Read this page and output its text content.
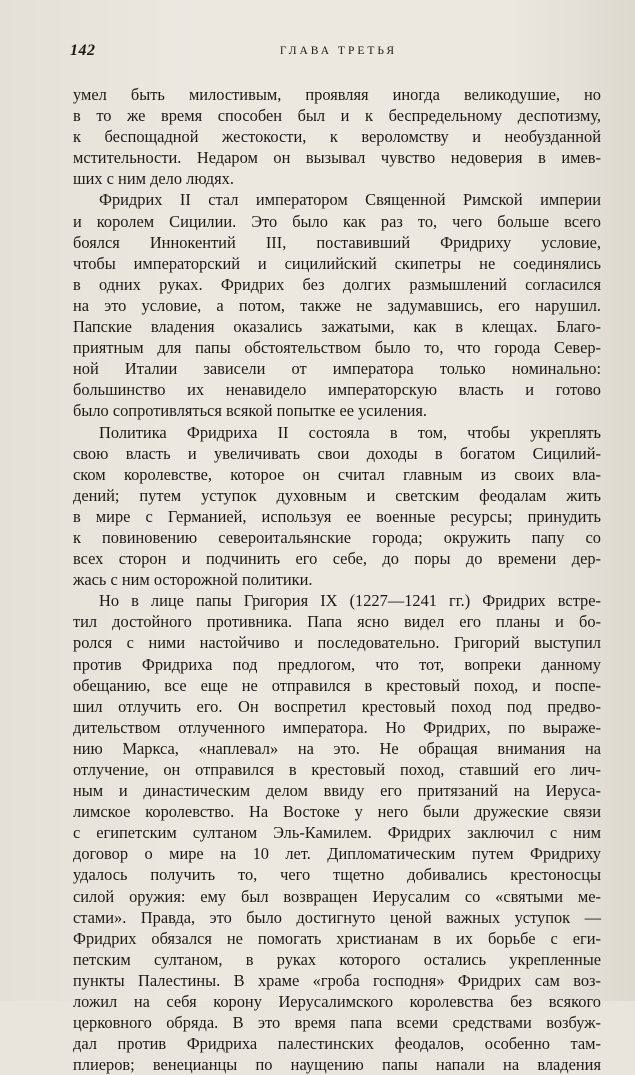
142	ГЛАВА ТРЕТЬЯ
умел быть милостивым, проявляя иногда великодушие, но
в то же время способен был и к беспредельному деспотизму,
к беспощадной жестокости, к вероломству и необузданной
мстительности. Недаром он вызывал чувство недоверия в имев-
ших с ним дело людях.
Фридрих II стал императором Священной Римской империи
и королем Сицилии. Это было как раз то, чего больше всего
боялся Иннокентий III, поставивший Фридриху условие,
чтобы императорский и сицилийский скипетры не соединялись
в одних руках. Фридрих без долгих размышлений согласился
на это условие, а потом, также не задумавшись, его нарушил.
Папские владения оказались зажатыми, как в клещах. Благо-
приятным для папы обстоятельством было то, что города Север-
ной Италии зависели от императора только номинально:
большинство их ненавидело императорскую власть и готово
было сопротивляться всякой попытке ее усиления.
Политика Фридриха II состояла в том, чтобы укреплять
свою власть и увеличивать свои доходы в богатом Сицилий-
ском королевстве, которое он считал главным из своих вла-
дений; путем уступок духовным и светским феодалам жить
в мире с Германией, используя ее военные ресурсы; принудить
к повиновению североитальянские города; окружить папу со
всех сторон и подчинить его себе, до поры до времени дер-
жась с ним осторожной политики.
Но в лице папы Григория IX (1227—1241 гг.) Фридрих встре-
тил достойного противника. Папа ясно видел его планы и бо-
ролся с ними настойчиво и последовательно. Григорий выступил
против Фридриха под предлогом, что тот, вопреки данному
обещанию, все еще не отправился в крестовый поход, и поспе-
шил отлучить его. Он воспретил крестовый поход под предво-
дительством отлученного императора. Но Фридрих, по выраже-
нию Маркса, «наплевал» на это. Не обращая внимания на
отлучение, он отправился в крестовый поход, ставший его лич-
ным и династическим делом ввиду его притязаний на Иеруса-
лимское королевство. На Востоке у него были дружеские связи
с египетским султаном Эль-Камилем. Фридрих заключил с ним
договор о мире на 10 лет. Дипломатическим путем Фридриху
удалось получить то, чего тщетно добивались крестоносцы
силой оружия: ему был возвращен Иерусалим со «святыми ме-
стами». Правда, это было достигнуто ценой важных уступок —
Фридрих обязался не помогать христианам в их борьбе с еги-
петским султаном, в руках которого остались укрепленные
пункты Палестины. В храме «гроба господня» Фридрих сам воз-
ложил на себя корону Иерусалимского королевства без всякого
церковного обряда. В это время папа всеми средствами возбуж-
дал против Фридриха палестинских феодалов, особенно там-
плиеров; венецианцы по наущению папы напали на владения
